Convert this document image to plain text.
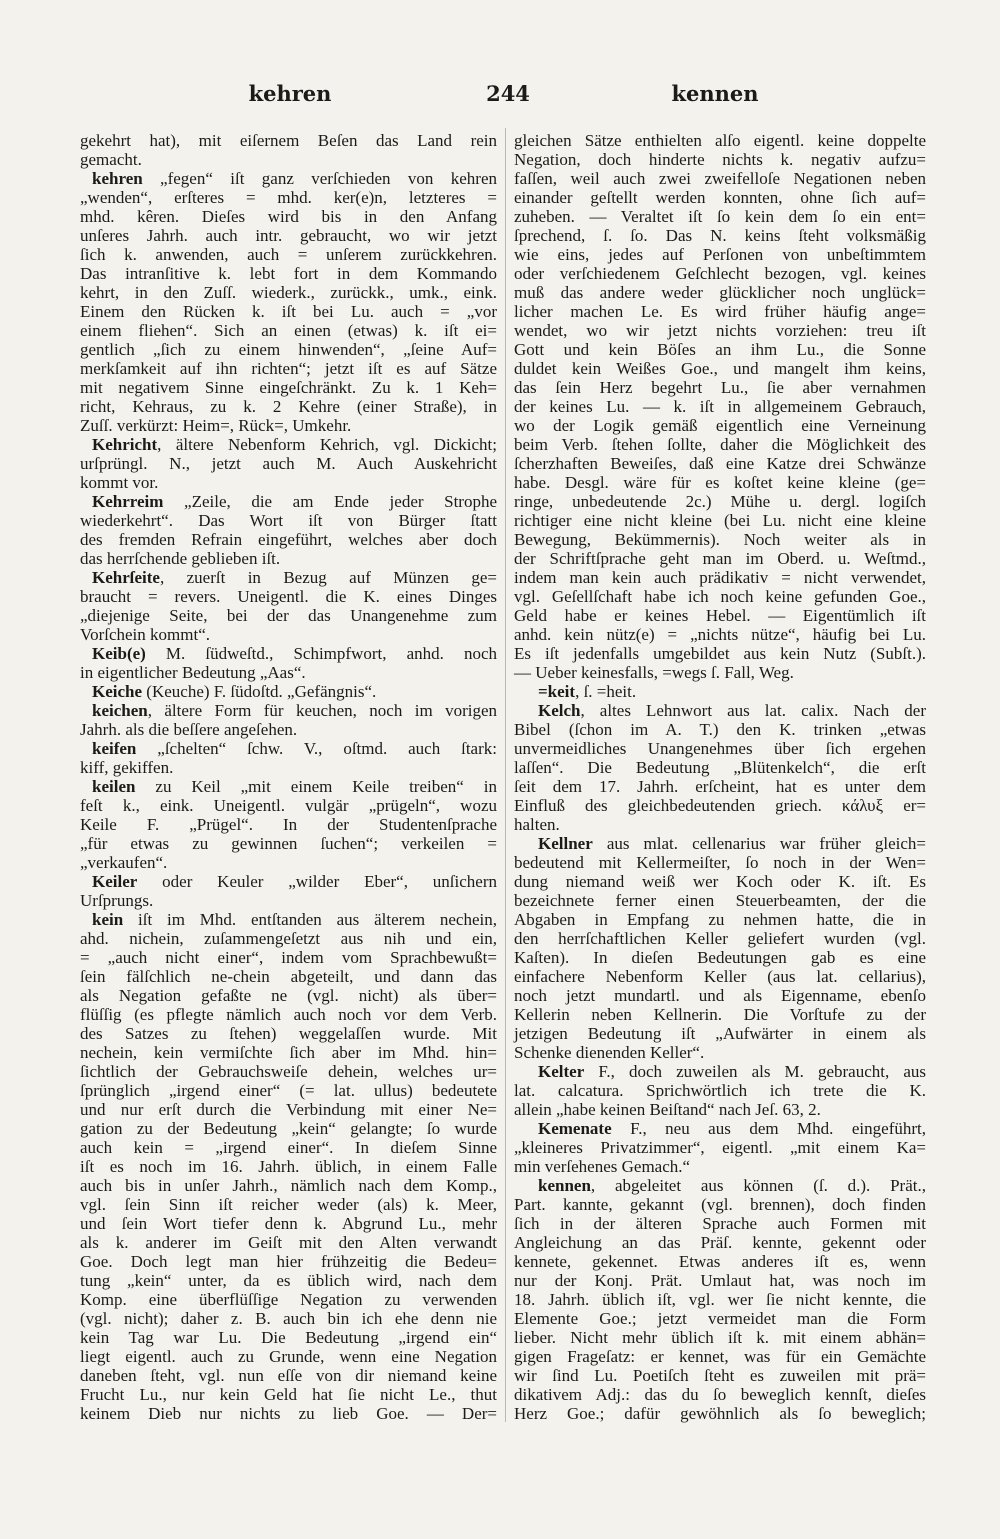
kehren	244	kennen
gekehrt hat), mit eiſernem Beſen das Land rein
gemacht.
kehren „fegen“ iſt ganz verſchieden von kehren
„wenden“, erſteres = mhd. ker(e)n, letzteres =
mhd. kêren. Dieſes wird bis in den Anfang
unſeres Jahrh. auch intr. gebraucht, wo wir jetzt
ſich k. anwenden, auch = unſerem zurückkehren.
Das intranſitive k. lebt fort in dem Kommando
kehrt, in den Zuſſ. wiederk., zurückk., umk., eink.
Einem den Rücken k. iſt bei Lu. auch = „vor
einem fliehen“. Sich an einen (etwas) k. iſt ei=
gentlich „ſich zu einem hinwenden“, „ſeine Auf=
merkſamkeit auf ihn richten“; jetzt iſt es auf Sätze
mit negativem Sinne eingeſchränkt. Zu k. 1 Keh=
richt, Kehraus, zu k. 2 Kehre (einer Straße), in
Zuſſ. verkürzt: Heim=, Rück=, Umkehr.
Kehricht, ältere Nebenform Kehrich, vgl. Dickicht;
urſprüngl. N., jetzt auch M. Auch Auskehricht
kommt vor.
Kehrreim „Zeile, die am Ende jeder Strophe
wiederkehrt“. Das Wort iſt von Bürger ſtatt
des fremden Refrain eingeführt, welches aber doch
das herrſchende geblieben iſt.
Kehrſeite, zuerſt in Bezug auf Münzen ge=
braucht = revers. Uneigentl. die K. eines Dinges
„diejenige Seite, bei der das Unangenehme zum
Vorſchein kommt“.
Keib(e) M. ſüdweſtd., Schimpfwort, anhd. noch
in eigentlicher Bedeutung „Aas“.
Keiche (Keuche) F. ſüdoſtd. „Gefängnis“.
keichen, ältere Form für keuchen, noch im vorigen
Jahrh. als die beſſere angeſehen.
keifen „ſchelten“ ſchw. V., oſtmd. auch ſtark:
kiff, gekiffen.
keilen zu Keil „mit einem Keile treiben“ in
feſt k., eink. Uneigentl. vulgär „prügeln“, wozu
Keile F. „Prügel“. In der Studentenſprache
„für etwas zu gewinnen ſuchen“; verkeilen =
„verkaufen“.
Keiler oder Keuler „wilder Eber“, unſichern
Urſprungs.
kein iſt im Mhd. entſtanden aus älterem nechein,
ahd. nichein, zuſammengeſetzt aus nih und ein,
= „auch nicht einer“, indem vom Sprachbewußt=
ſein fälſchlich ne-chein abgeteilt, und dann das
als Negation gefaßte ne (vgl. nicht) als über=
flüſſig (es pflegte nämlich auch noch vor dem Verb.
des Satzes zu ſtehen) weggelaſſen wurde. Mit
nechein, kein vermiſchte ſich aber im Mhd. hin=
ſichtlich der Gebrauchsweiſe dehein, welches ur=
ſprünglich „irgend einer“ (= lat. ullus) bedeutete
und nur erſt durch die Verbindung mit einer Ne=
gation zu der Bedeutung „kein“ gelangte; ſo wurde
auch kein = „irgend einer“. In dieſem Sinne
iſt es noch im 16. Jahrh. üblich, in einem Falle
auch bis in unſer Jahrh., nämlich nach dem Komp.,
vgl. ſein Sinn iſt reicher weder (als) k. Meer,
und ſein Wort tiefer denn k. Abgrund Lu., mehr
als k. anderer im Geiſt mit den Alten verwandt
Goe. Doch legt man hier frühzeitig die Bedeu=
tung „kein“ unter, da es üblich wird, nach dem
Komp. eine überflüſſige Negation zu verwenden
(vgl. nicht); daher z. B. auch bin ich ehe denn nie
kein Tag war Lu. Die Bedeutung „irgend ein“
liegt eigentl. auch zu Grunde, wenn eine Negation
daneben ſteht, vgl. nun eſſe von dir niemand keine
Frucht Lu., nur kein Geld hat ſie nicht Le., thut
keinem Dieb nur nichts zu lieb Goe. — Der=
gleichen Sätze enthielten alſo eigentl. keine doppelte
Negation, doch hinderte nichts k. negativ aufzu=
faſſen, weil auch zwei zweifelloſe Negationen neben
einander geſtellt werden konnten, ohne ſich auf=
zuheben. — Veraltet iſt ſo kein dem ſo ein ent=
ſprechend, ſ. ſo. Das N. keins ſteht volksmäßig
wie eins, jedes auf Perſonen von unbeſtimmtem
oder verſchiedenem Geſchlecht bezogen, vgl. keines
muß das andere weder glücklicher noch unglück=
licher machen Le. Es wird früher häufig ange=
wendet, wo wir jetzt nichts vorziehen: treu iſt
Gott und kein Böſes an ihm Lu., die Sonne
duldet kein Weißes Goe., und mangelt ihm keins,
das ſein Herz begehrt Lu., ſie aber vernahmen
der keines Lu. — k. iſt in allgemeinem Gebrauch,
wo der Logik gemäß eigentlich eine Verneinung
beim Verb. ſtehen ſollte, daher die Möglichkeit des
ſcherzhaften Beweiſes, daß eine Katze drei Schwänze
habe. Desgl. wäre für es koſtet keine kleine (ge=
ringe, unbedeutende 2c.) Mühe u. dergl. logiſch
richtiger eine nicht kleine (bei Lu. nicht eine kleine
Bewegung, Bekümmernis). Noch weiter als in
der Schriftſprache geht man im Oberd. u. Weſtmd.,
indem man kein auch prädikativ = nicht verwendet,
vgl. Geſellſchaft habe ich noch keine gefunden Goe.,
Geld habe er keines Hebel. — Eigentümlich iſt
anhd. kein nütz(e) = „nichts nütze“, häufig bei Lu.
Es iſt jedenfalls umgebildet aus kein Nutz (Subſt.).
— Ueber keinesfalls, =wegs ſ. Fall, Weg.
=keit, ſ. =heit.
Kelch, altes Lehnwort aus lat. calix. Nach der
Bibel (ſchon im A. T.) den K. trinken „etwas
unvermeidliches Unangenehmes über ſich ergehen
laſſen“. Die Bedeutung „Blütenkelch“, die erſt
ſeit dem 17. Jahrh. erſcheint, hat es unter dem
Einfluß des gleichbedeutenden griech. κάλυξ er=
halten.
Kellner aus mlat. cellenarius war früher gleich=
bedeutend mit Kellermeiſter, ſo noch in der Wen=
dung niemand weiß wer Koch oder K. iſt. Es
bezeichnete ferner einen Steuerbeamten, der die
Abgaben in Empfang zu nehmen hatte, die in
den herrſchaftlichen Keller geliefert wurden (vgl.
Kaſten). In dieſen Bedeutungen gab es eine
einfachere Nebenform Keller (aus lat. cellarius),
noch jetzt mundartl. und als Eigenname, ebenſo
Kellerin neben Kellnerin. Die Vorſtufe zu der
jetzigen Bedeutung iſt „Aufwärter in einem als
Schenke dienenden Keller“.
Kelter F., doch zuweilen als M. gebraucht, aus
lat. calcatura. Sprichwörtlich ich trete die K.
allein „habe keinen Beiſtand“ nach Jeſ. 63, 2.
Kemenate F., neu aus dem Mhd. eingeführt,
„kleineres Privatzimmer“, eigentl. „mit einem Ka=
min verſehenes Gemach.“
kennen, abgeleitet aus können (ſ. d.). Prät.,
Part. kannte, gekannt (vgl. brennen), doch finden
ſich in der älteren Sprache auch Formen mit
Angleichung an das Präſ. kennte, gekennt oder
kennete, gekennet. Etwas anderes iſt es, wenn
nur der Konj. Prät. Umlaut hat, was noch im
18. Jahrh. üblich iſt, vgl. wer ſie nicht kennte, die
Elemente Goe.; jetzt vermeidet man die Form
lieber. Nicht mehr üblich iſt k. mit einem abhän=
gigen Frageſatz: er kennet, was für ein Gemächte
wir ſind Lu. Poetiſch ſteht es zuweilen mit prä=
dikativem Adj.: das du ſo beweglich kennſt, dieſes
Herz Goe.; dafür gewöhnlich als ſo beweglich;
